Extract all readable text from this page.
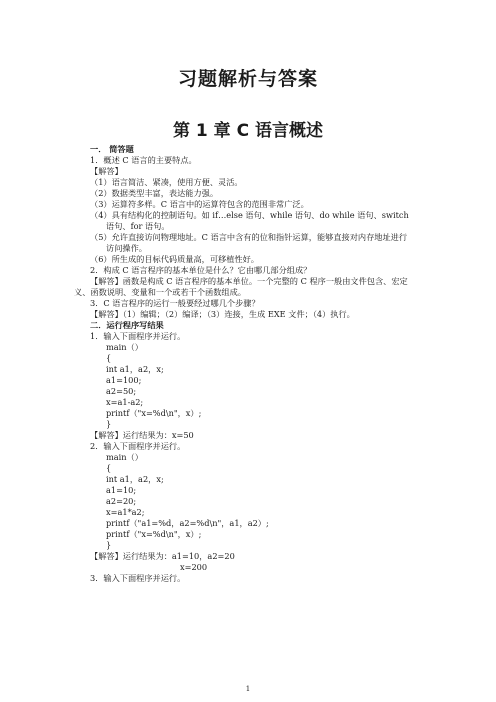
习题解析与答案
第 1 章 C 语言概述
一． 简答题
1．概述 C 语言的主要特点。
【解答】
（1）语言简洁、紧凑，使用方便、灵活。
（2）数据类型丰富，表达能力强。
（3）运算符多样。C 语言中的运算符包含的范围非常广泛。
（4）具有结构化的控制语句。如 if…else 语句、while 语句、do while 语句、switch
语句、for 语句。
（5）允许直接访问物理地址。C 语言中含有的位和指针运算，能够直接对内存地址进行
访问操作。
（6）所生成的目标代码质量高，可移植性好。
2．构成 C 语言程序的基本单位是什么？它由哪几部分组成？
【解答】函数是构成 C 语言程序的基本单位。一个完整的 C 程序一般由文件包含、宏定
义、函数说明、变量和一个或若干个函数组成。
3．C 语言程序的运行一般要经过哪几个步骤？
【解答】（1）编辑；（2）编译；（3）连接，生成 EXE 文件；（4）执行。
二．运行程序写结果
1．输入下面程序并运行。
main（）
{
int a1，a2，x;
a1=100;
a2=50;
x=a1-a2;
printf（"x=%d\n"，x）;
}
【解答】运行结果为：x=50
2．输入下面程序并运行。
main（）
{
int a1，a2，x;
a1=10;
a2=20;
x=a1*a2;
printf（"a1=%d，a2=%d\n"，a1，a2）;
printf（"x=%d\n"，x）;
}
【解答】运行结果为：a1=10，a2=20
x=200
3．输入下面程序并运行。
1
